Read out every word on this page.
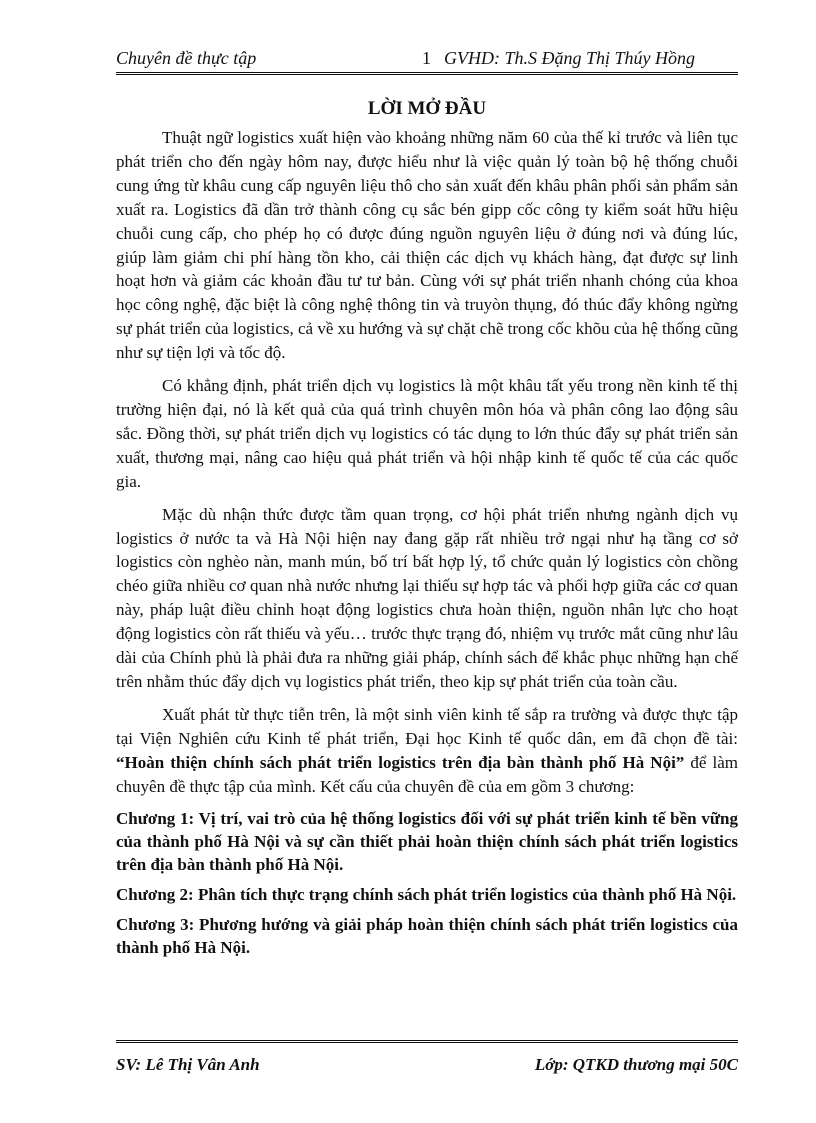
Chuyên đề thực tập	1 GVHD: Th.S Đặng Thị Thúy Hồng
LỜI MỞ ĐẦU

Thuật ngữ logistics xuất hiện vào khoảng những năm 60 của thế kỉ trước và liên tục phát triển cho đến ngày hôm nay, được hiểu như là việc quản lý toàn bộ hệ thống chuỗi cung ứng từ khâu cung cấp nguyên liệu thô cho sản xuất đến khâu phân phối sản phẩm sản xuất ra. Logistics đã dần trở thành công cụ sắc bén gipp cốc công ty kiểm soát hữu hiệu chuỗi cung cấp, cho phép họ có được đúng nguồn nguyên liệu ở đúng nơi và đúng lúc, giúp làm giảm chi phí hàng tồn kho, cải thiện các dịch vụ khách hàng, đạt được sự linh hoạt hơn và giảm các khoản đầu tư tư bản. Cùng với sự phát triển nhanh chóng của khoa học công nghệ, đặc biệt là công nghệ thông tin và truyòn thụng, đó thúc đẩy không ngừng sự phát triển của logistics, cả về xu hướng và sự chặt chẽ trong cốc khõu của hệ thống cũng như sự tiện lợi và tốc độ.

Có khẳng định, phát triển dịch vụ logistics là một khâu tất yếu trong nền kinh tế thị trường hiện đại, nó là kết quả của quá trình chuyên môn hóa và phân công lao động sâu sắc. Đồng thời, sự phát triển dịch vụ logistics có tác dụng to lớn thúc đẩy sự phát triển sản xuất, thương mại, nâng cao hiệu quả phát triển và hội nhập kinh tế quốc tế của các quốc gia.

Mặc dù nhận thức được tầm quan trọng, cơ hội phát triển nhưng ngành dịch vụ logistics ở nước ta và Hà Nội hiện nay đang gặp rất nhiều trở ngại như hạ tầng cơ sở logistics còn nghèo nàn, manh mún, bố trí bất hợp lý, tổ chức quản lý logistics còn chồng chéo giữa nhiều cơ quan nhà nước nhưng lại thiếu sự hợp tác và phối hợp giữa các cơ quan này, pháp luật điều chỉnh hoạt động logistics chưa hoàn thiện, nguồn nhân lực cho hoạt động logistics còn rất thiếu và yếu… trước thực trạng đó, nhiệm vụ trước mắt cũng như lâu dài của Chính phủ là phải đưa ra những giải pháp, chính sách để khắc phục những hạn chế trên nhằm thúc đẩy dịch vụ logistics phát triển, theo kịp sự phát triển của toàn cầu.

Xuất phát từ thực tiễn trên, là một sinh viên kinh tế sắp ra trường và được thực tập tại Viện Nghiên cứu Kinh tế phát triển, Đại học Kinh tế quốc dân, em đã chọn đề tài: “Hoàn thiện chính sách phát triển logistics trên địa bàn thành phố Hà Nội” để làm chuyên đề thực tập của mình. Kết cấu của chuyên đề của em gồm 3 chương:

Chương 1: Vị trí, vai trò của hệ thống logistics đối với sự phát triển kinh tế bền vững của thành phố Hà Nội và sự cần thiết phải hoàn thiện chính sách phát triển logistics trên địa bàn thành phố Hà Nội.

Chương 2: Phân tích thực trạng chính sách phát triển logistics của thành phố Hà Nội.

Chương 3: Phương hướng và giải pháp hoàn thiện chính sách phát triển logistics của thành phố Hà Nội.

SV: Lê Thị Vân Anh	Lớp: QTKD thương mại 50C
